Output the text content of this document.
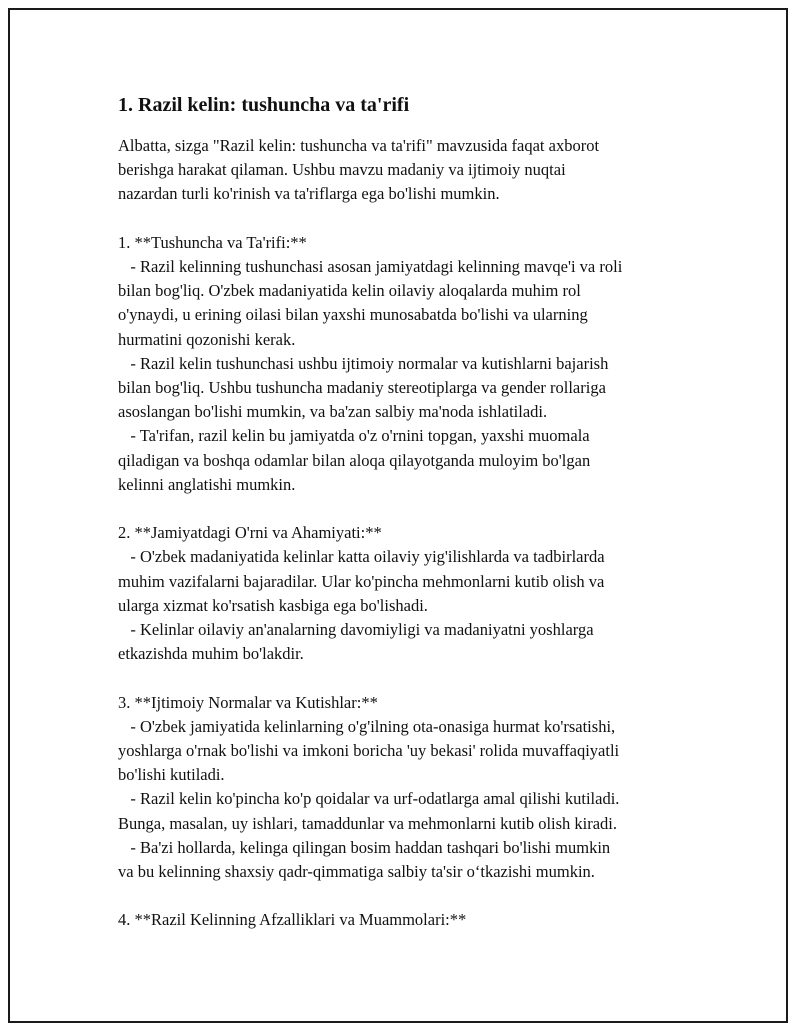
1. Razil kelin: tushuncha va ta'rifi
Albatta, sizga "Razil kelin: tushuncha va ta'rifi" mavzusida faqat axborot
berishga harakat qilaman. Ushbu mavzu madaniy va ijtimoiy nuqtai
nazardan turli ko'rinish va ta'riflarga ega bo'lishi mumkin.
1. **Tushuncha va Ta'rifi:**
- Razil kelinning tushunchasi asosan jamiyatdagi kelinning mavqe'i va roli
bilan bog'liq. O'zbek madaniyatida kelin oilaviy aloqalarda muhim rol
o'ynaydi, u erining oilasi bilan yaxshi munosabatda bo'lishi va ularning
hurmatini qozonishi kerak.
- Razil kelin tushunchasi ushbu ijtimoiy normalar va kutishlarni bajarish
bilan bog'liq. Ushbu tushuncha madaniy stereotiplarga va gender rollariga
asoslangan bo'lishi mumkin, va ba'zan salbiy ma'noda ishlatiladi.
- Ta'rifan, razil kelin bu jamiyatda o'z o'rnini topgan, yaxshi muomala
qiladigan va boshqa odamlar bilan aloqa qilayotganda muloyim bo'lgan
kelinni anglatishi mumkin.
2. **Jamiyatdagi O'rni va Ahamiyati:**
- O'zbek madaniyatida kelinlar katta oilaviy yig'ilishlarda va tadbirlarda
muhim vazifalarni bajaradilar. Ular ko'pincha mehmonlarni kutib olish va
ularga xizmat ko'rsatish kasbiga ega bo'lishadi.
- Kelinlar oilaviy an'analarning davomiyligi va madaniyatni yoshlarga
etkazishda muhim bo'lakdir.
3. **Ijtimoiy Normalar va Kutishlar:**
- O'zbek jamiyatida kelinlarning o'g'ilning ota-onasiga hurmat ko'rsatishi,
yoshlarga o'rnak bo'lishi va imkoni boricha 'uy bekasi' rolida muvaffaqiyatli
bo'lishi kutiladi.
- Razil kelin ko'pincha ko'p qoidalar va urf-odatlarga amal qilishi kutiladi.
Bunga, masalan, uy ishlari, tamaddunlar va mehmonlarni kutib olish kiradi.
- Ba'zi hollarda, kelinga qilingan bosim haddan tashqari bo'lishi mumkin
va bu kelinning shaxsiy qadr-qimmatiga salbiy ta'sir o‘tkazishi mumkin.
4. **Razil Kelinning Afzalliklari va Muammolari:**
